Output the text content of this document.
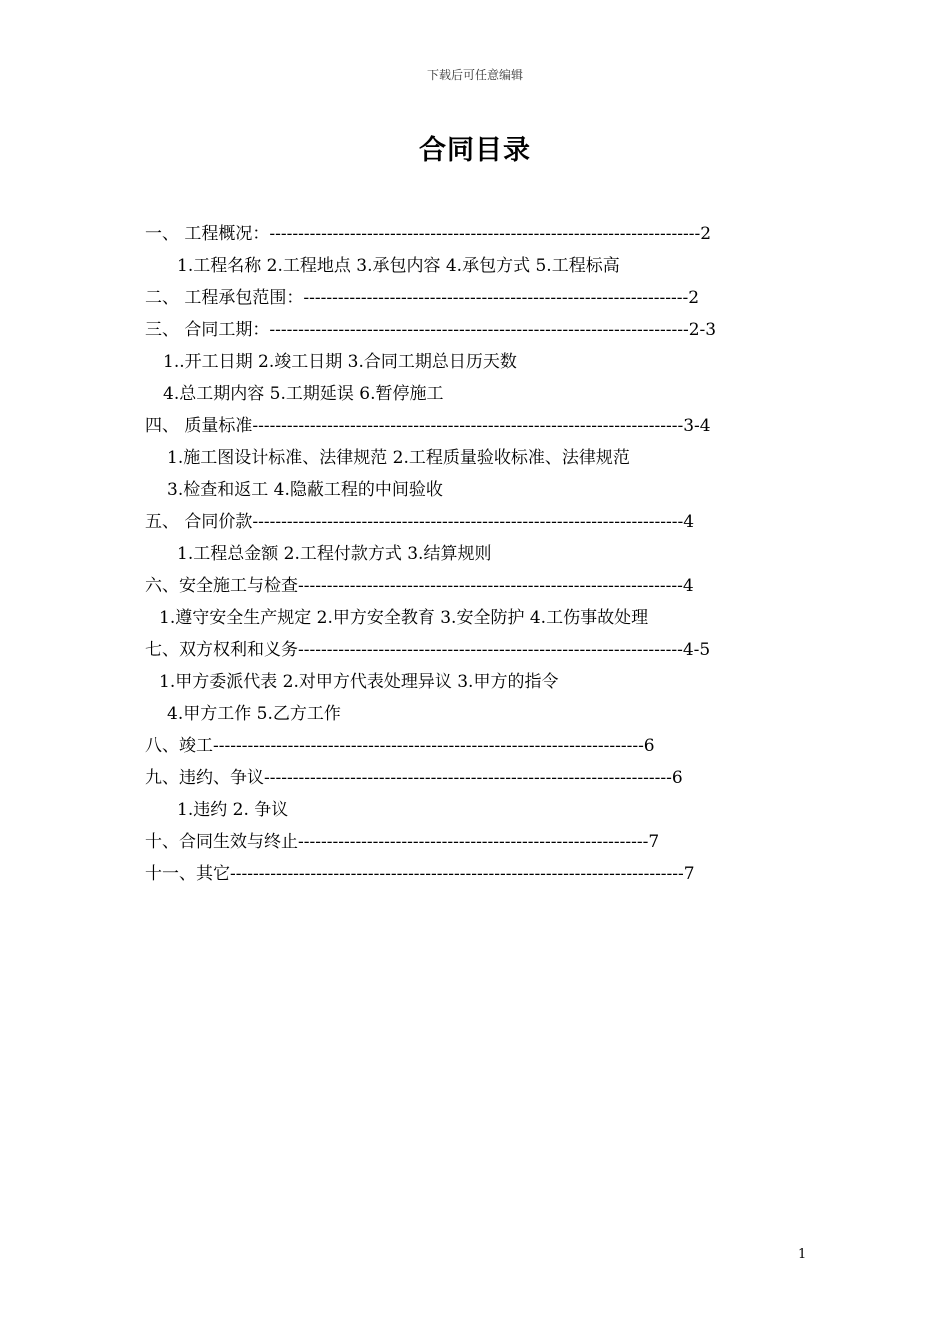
下载后可任意编辑
合同目录
一、 工程概况：---------------------------------------------------------------------------2
1.工程名称 2.工程地点 3.承包内容 4.承包方式 5.工程标高
二、 工程承包范围：-------------------------------------------------------------------2
三、 合同工期：-------------------------------------------------------------------------2-3
1..开工日期 2.竣工日期 3.合同工期总日历天数
4.总工期内容 5.工期延误 6.暂停施工
四、 质量标准---------------------------------------------------------------------------3-4
1.施工图设计标准、法律规范 2.工程质量验收标准、法律规范
3.检查和返工 4.隐蔽工程的中间验收
五、 合同价款---------------------------------------------------------------------------4
1.工程总金额 2.工程付款方式 3.结算规则
六、安全施工与检查-------------------------------------------------------------------4
1.遵守安全生产规定 2.甲方安全教育 3.安全防护 4.工伤事故处理
七、双方权利和义务-------------------------------------------------------------------4-5
1.甲方委派代表 2.对甲方代表处理异议 3.甲方的指令
4.甲方工作 5.乙方工作
八、竣工---------------------------------------------------------------------------6
九、违约、争议-----------------------------------------------------------------------6
1.违约 2. 争议
十、合同生效与终止-------------------------------------------------------------7
十一、其它-------------------------------------------------------------------------------7
1
